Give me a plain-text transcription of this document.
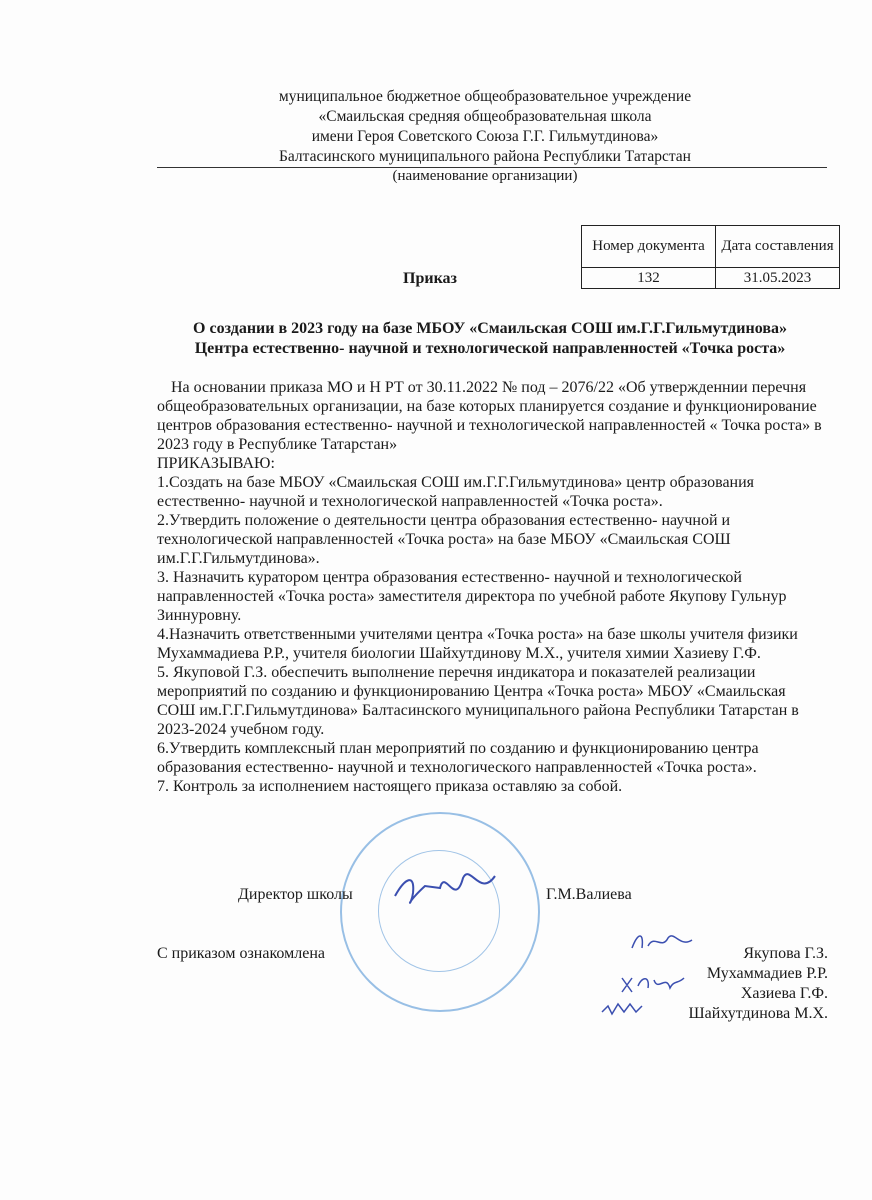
муниципальное бюджетное общеобразовательное учреждение
«Смаильская средняя общеобразовательная школа
имени Героя Советского Союза Г.Г. Гильмутдинова»
Балтасинского муниципального района Республики Татарстан
(наименование организации)
Номер документа	Дата составления
132	31.05.2023
Приказ
О создании в 2023 году на базе МБОУ «Смаильская СОШ им.Г.Г.Гильмутдинова»
Центра естественно- научной и технологической направленностей «Точка роста»

На основании приказа МО и Н РТ от 30.11.2022 № под – 2076/22 «Об утвержденнии перечня общеобразовательных организации, на базе которых планируется создание и функционирование центров образования естественно- научной и технологической направленностей « Точка роста» в 2023 году в Республике Татарстан»

ПРИКАЗЫВАЮ:

1.Создать на базе МБОУ «Смаильская СОШ им.Г.Г.Гильмутдинова» центр образования естественно- научной и технологической направленностей «Точка роста».

2.Утвердить положение о деятельности центра образования естественно- научной и технологической направленностей «Точка роста» на базе МБОУ «Смаильская СОШ им.Г.Г.Гильмутдинова».

3. Назначить куратором центра образования естественно- научной и технологической направленностей «Точка роста» заместителя директора по учебной работе Якупову Гульнур Зиннуровну.

4.Назначить ответственными учителями центра «Точка роста» на базе школы учителя физики Мухаммадиева Р.Р., учителя биологии Шайхутдинову М.Х., учителя химии Хазиеву Г.Ф.

5. Якуповой Г.З. обеспечить выполнение перечня индикатора и показателей реализации мероприятий по созданию и функционированию Центра «Точка роста» МБОУ «Смаильская СОШ им.Г.Г.Гильмутдинова» Балтасинского муниципального района Республики Татарстан в 2023-2024 учебном году.

6.Утвердить комплексный план мероприятий по созданию и функционированию центра образования естественно- научной и технологического направленностей «Точка роста».

7. Контроль за исполнением настоящего приказа оставляю за собой.

Директор школы	Г.М.Валиева
С приказом ознакомлена	Якупова Г.З.
Мухаммадиев Р.Р.
Хазиева Г.Ф.
Шайхутдинова М.Х.
